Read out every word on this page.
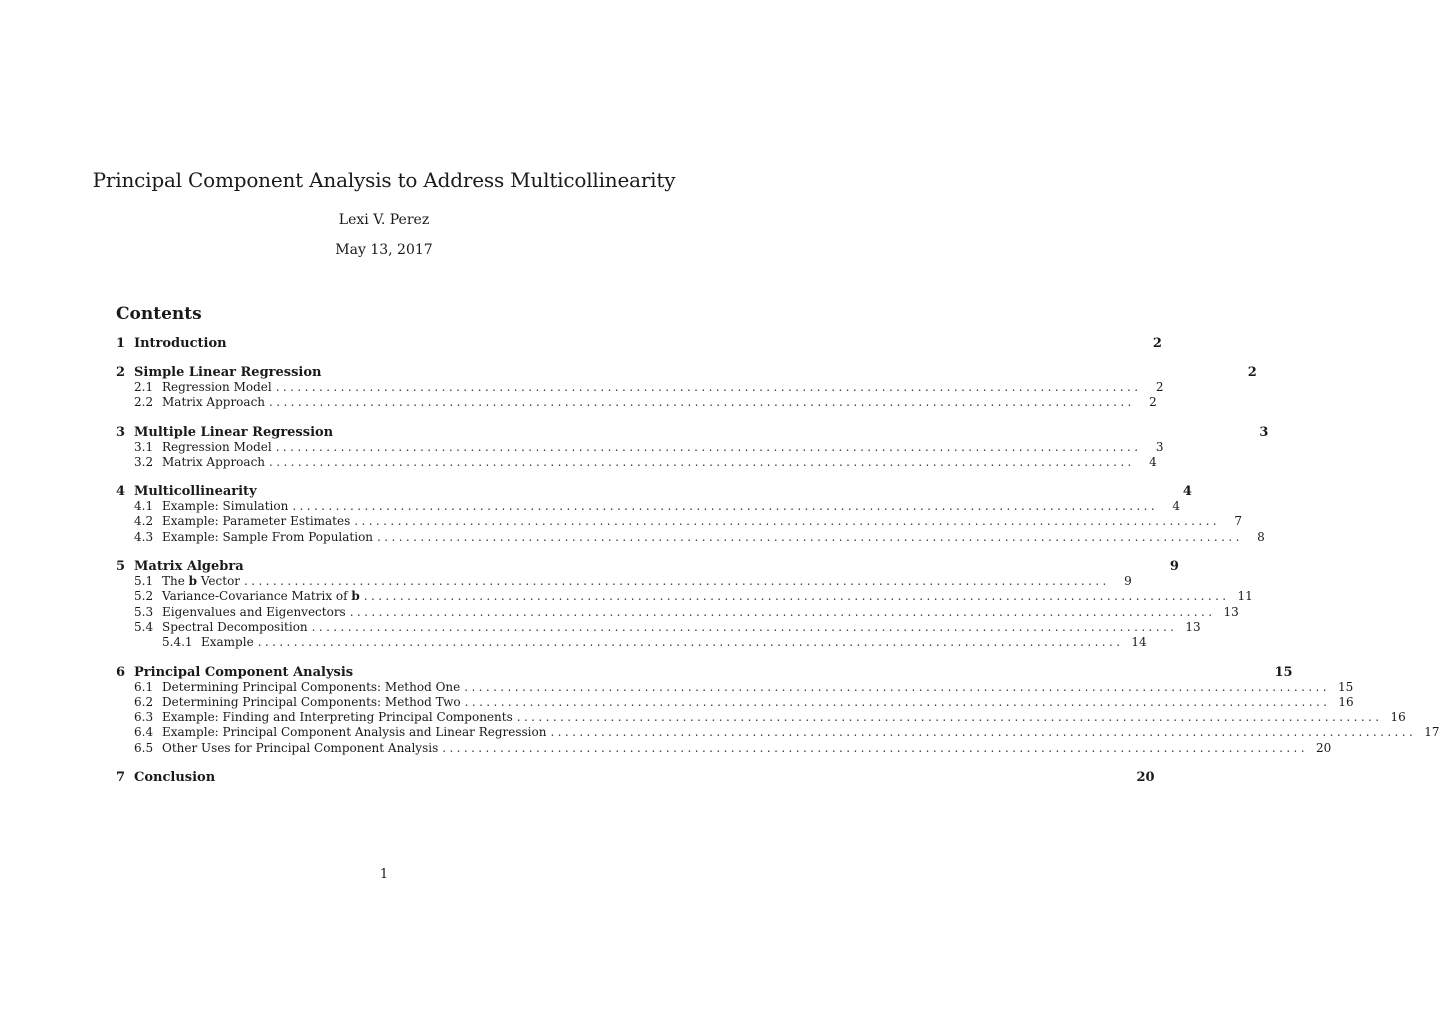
Principal Component Analysis to Address Multicollinearity
Lexi V. Perez
May 13, 2017
Contents
1 Introduction	2
2 Simple Linear Regression	2
2.1 Regression Model ........................................................................................................................	2
2.2 Matrix Approach ........................................................................................................................	2
3 Multiple Linear Regression	3
3.1 Regression Model ........................................................................................................................	3
3.2 Matrix Approach ........................................................................................................................	4
4 Multicollinearity	4
4.1 Example: Simulation ........................................................................................................................	4
4.2 Example: Parameter Estimates ........................................................................................................................	7
4.3 Example: Sample From Population ........................................................................................................................	8
5 Matrix Algebra	9
5.1 The b Vector ........................................................................................................................	9
5.2 Variance-Covariance Matrix of b ........................................................................................................................ 11
5.3 Eigenvalues and Eigenvectors ........................................................................................................................ 13
5.4 Spectral Decomposition ........................................................................................................................ 13
5.4.1 Example ........................................................................................................................ 14
6 Principal Component Analysis	15
6.1 Determining Principal Components: Method One ........................................................................................................................ 15
6.2 Determining Principal Components: Method Two ........................................................................................................................ 16
6.3 Example: Finding and Interpreting Principal Components ........................................................................................................................ 16
6.4 Example: Principal Component Analysis and Linear Regression ........................................................................................................................ 17
6.5 Other Uses for Principal Component Analysis ........................................................................................................................ 20
7 Conclusion	20
1
